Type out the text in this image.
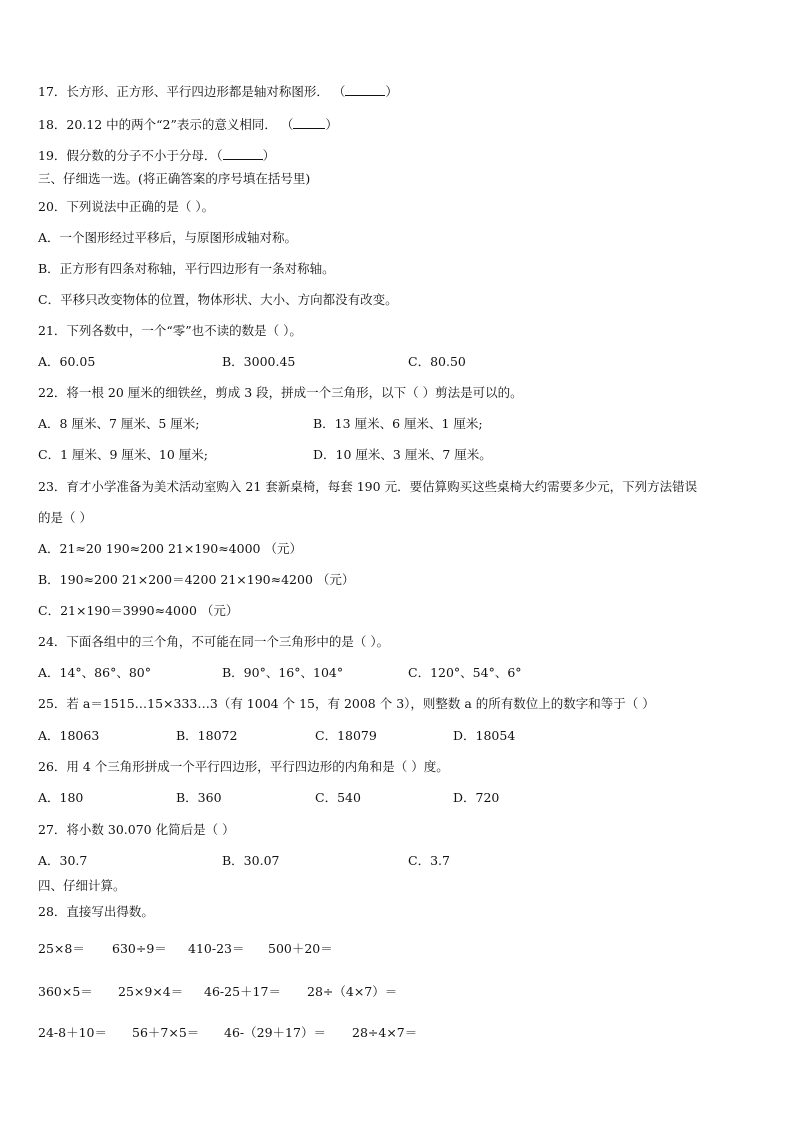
17．长方形、正方形、平行四边形都是轴对称图形． （	）
18．20.12 中的两个“2”表示的意义相同． （	）
19．假分数的分子不小于分母．（	）
三、仔细选一选。(将正确答案的序号填在括号里)
20．下列说法中正确的是（ ）。
A．一个图形经过平移后，与原图形成轴对称。
B．正方形有四条对称轴，平行四边形有一条对称轴。
C．平移只改变物体的位置，物体形状、大小、方向都没有改变。
21．下列各数中，一个“零”也不读的数是（ ）。
A．60.05	B．3000.45	C．80.50
22．将一根 20 厘米的细铁丝，剪成 3 段，拼成一个三角形，以下（ ）剪法是可以的。
A．8 厘米、7 厘米、5 厘米;	B．13 厘米、6 厘米、1 厘米;
C．1 厘米、9 厘米、10 厘米;	D．10 厘米、3 厘米、7 厘米。
23．育才小学准备为美术活动室购入 21 套新桌椅，每套 190 元．要估算购买这些桌椅大约需要多少元，下列方法错误
的是（ ）
A．21≈20 190≈200 21×190≈4000 （元）
B．190≈200 21×200＝4200 21×190≈4200 （元）
C．21×190＝3990≈4000 （元）
24．下面各组中的三个角，不可能在同一个三角形中的是（ ）。
A．14°、86°、80°	B．90°、16°、104°	C．120°、54°、6°
25．若 a＝1515…15×333…3（有 1004 个 15，有 2008 个 3），则整数 a 的所有数位上的数字和等于（ ）
A．18063	B．18072	C．18079	D．18054
26．用 4 个三角形拼成一个平行四边形，平行四边形的内角和是（ ）度。
A．180	B．360	C．540	D．720
27．将小数 30.070 化简后是（ ）
A．30.7	B．30.07	C．3.7
四、仔细计算。
28．直接写出得数。
25×8＝ 630÷9＝ 410-23＝ 500＋20＝
360×5＝ 25×9×4＝ 46-25＋17＝ 28÷（4×7）＝
24-8＋10＝ 56＋7×5＝ 46-（29＋17）＝ 28÷4×7＝
